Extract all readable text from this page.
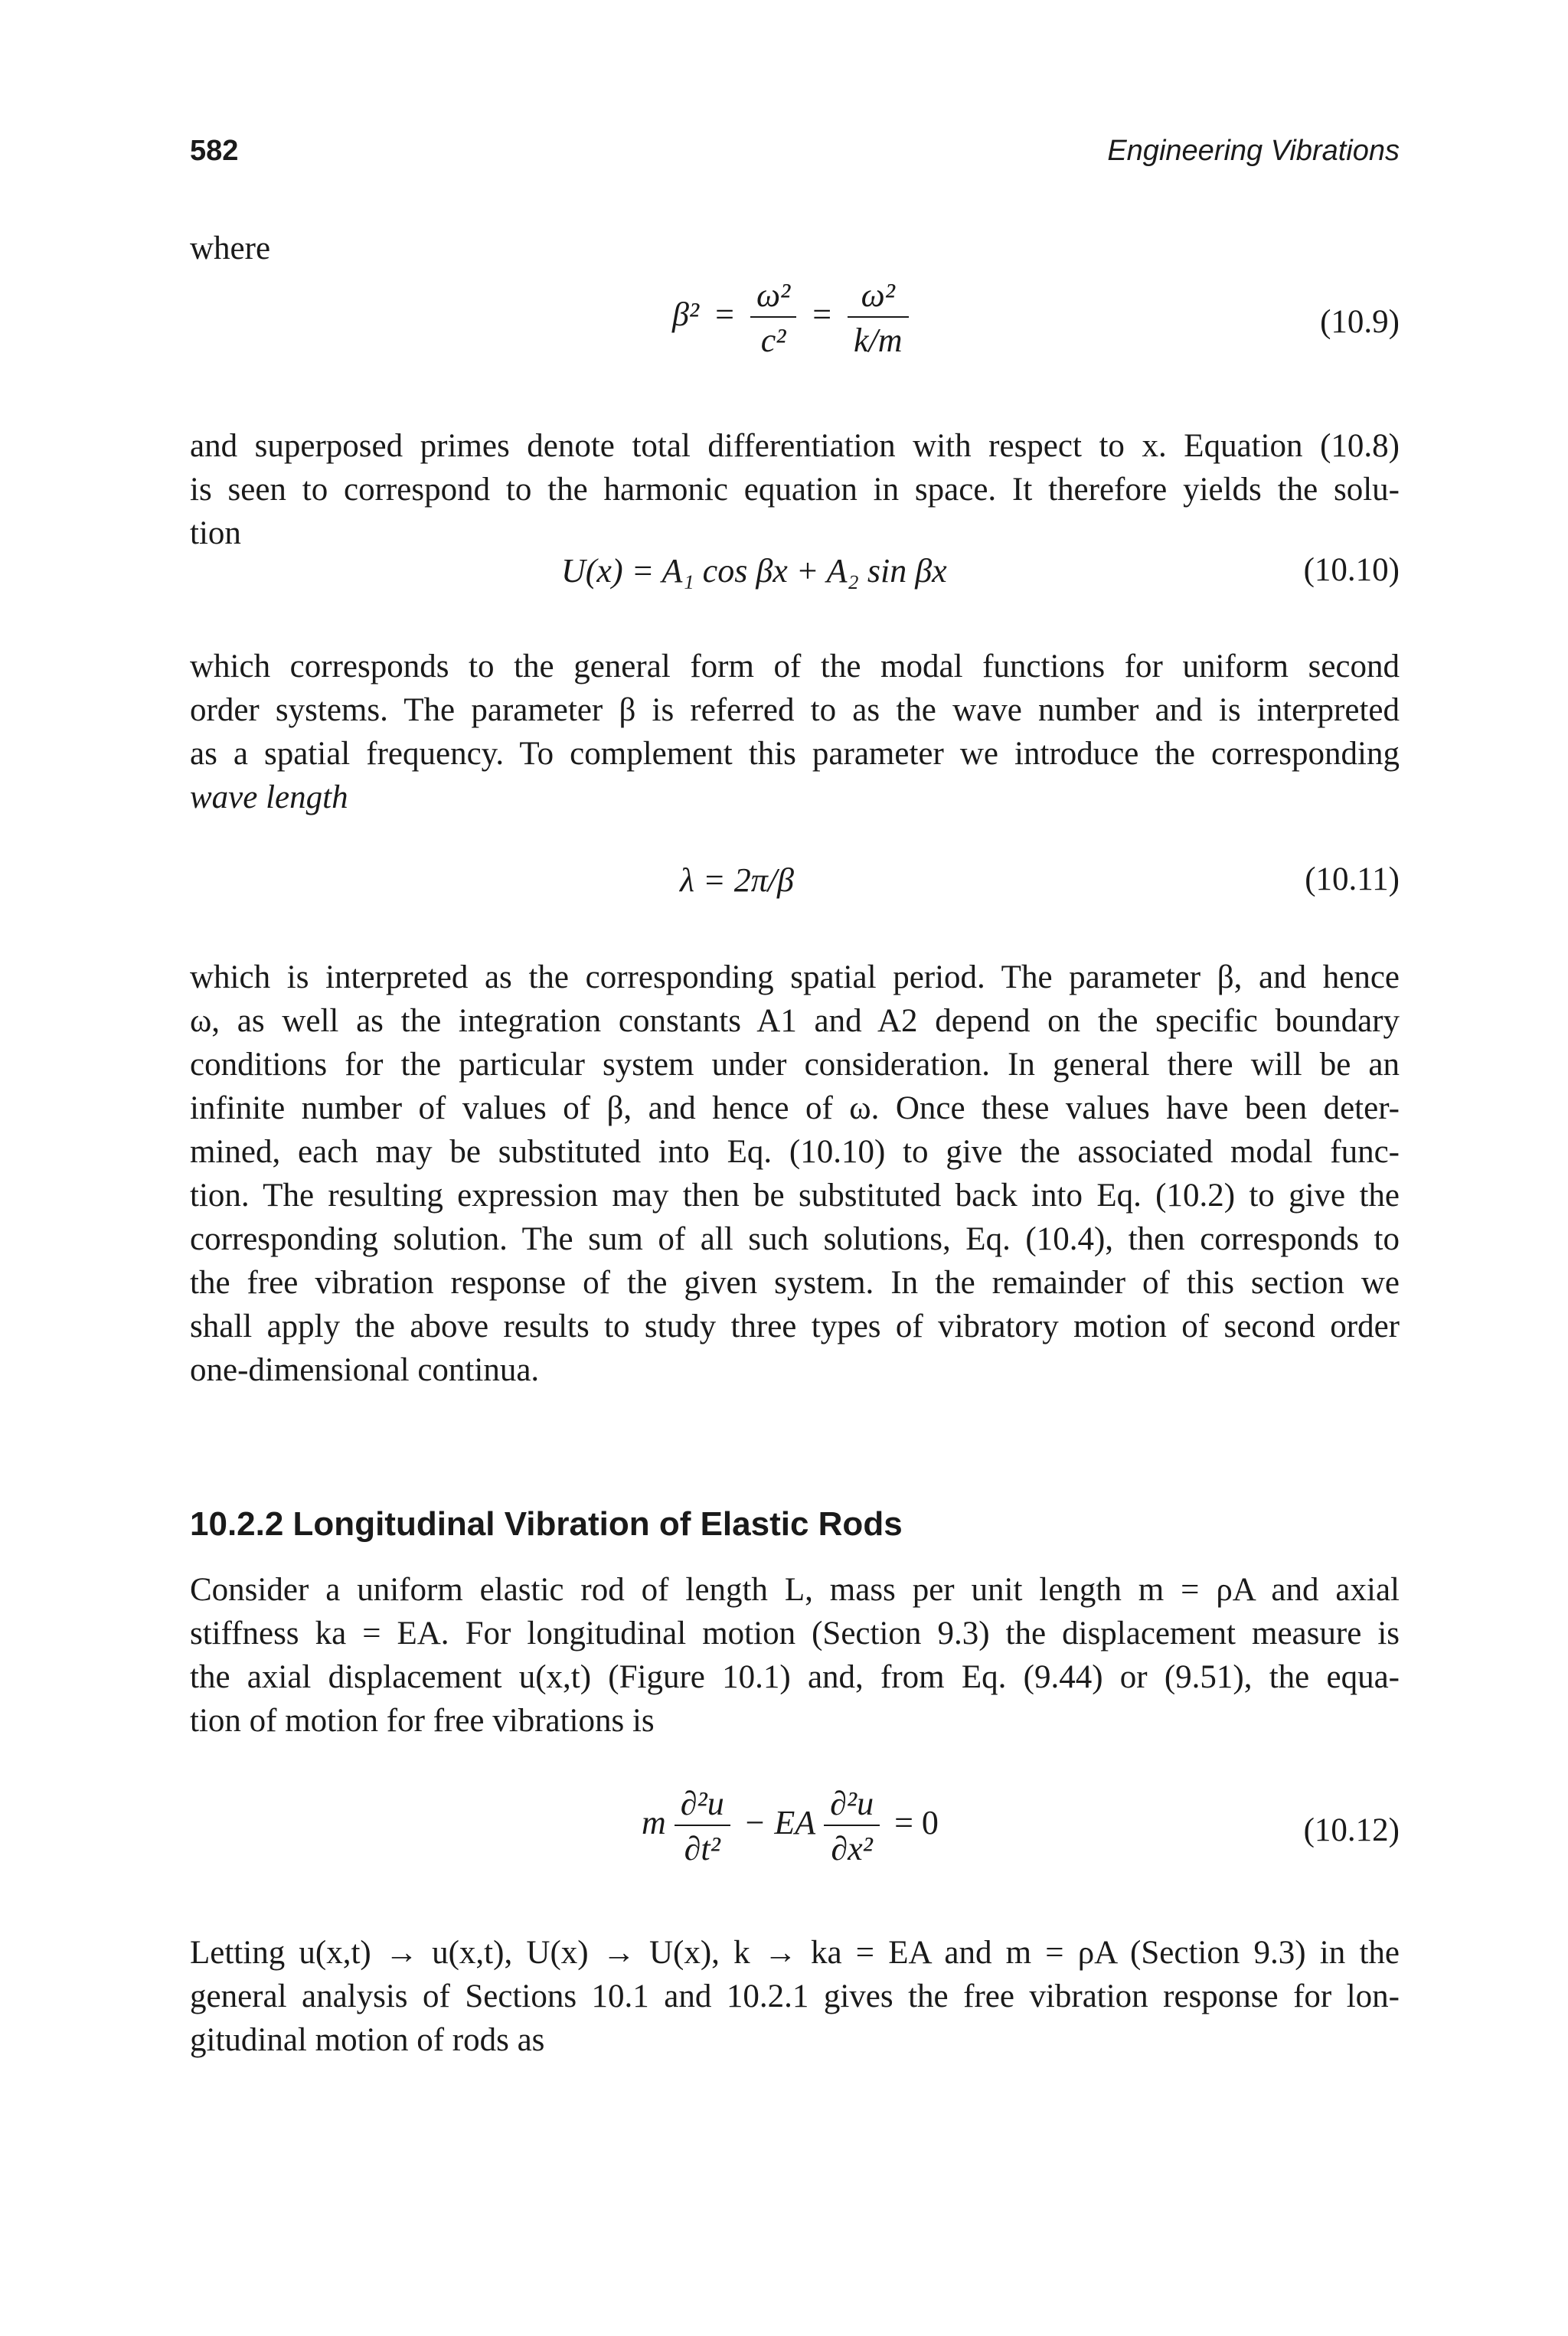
582	Engineering Vibrations
where
$\beta^2 = \frac{\text{ω²}}{\text{c²}} = \frac{\text{ω²}}{k/m}$	(10.9)
and superposed primes denote total differentiation with respect to x. Equation (10.8)
is seen to correspond to the harmonic equation in space. It therefore yields the solu-
tion
U(x) = A₁ cos βx + A₂ sin βx	(10.10)
which corresponds to the general form of the modal functions for uniform second
order systems. The parameter β is referred to as the wave number and is interpreted
as a spatial frequency. To complement this parameter we introduce the corresponding
wave length
λ = 2π/β	(10.11)
which is interpreted as the corresponding spatial period. The parameter β, and hence
ω, as well as the integration constants A1 and A2 depend on the specific boundary
conditions for the particular system under consideration. In general there will be an
infinite number of values of β, and hence of ω. Once these values have been deter-
mined, each may be substituted into Eq. (10.10) to give the associated modal func-
tion. The resulting expression may then be substituted back into Eq. (10.2) to give the
corresponding solution. The sum of all such solutions, Eq. (10.4), then corresponds to
the free vibration response of the given system. In the remainder of this section we
shall apply the above results to study three types of vibratory motion of second order
one-dimensional continua.
10.2.2 Longitudinal Vibration of Elastic Rods
Consider a uniform elastic rod of length L, mass per unit length m = ρA and axial
stiffness ka = EA. For longitudinal motion (Section 9.3) the displacement measure is
the axial displacement u(x,t) (Figure 10.1) and, from Eq. (9.44) or (9.51), the equa-
tion of motion for free vibrations is
m $\frac{\text{∂²u}}{\text{∂t²}}$ − EA $\frac{\text{∂²u}}{\text{∂x²}} = 0$	(10.12)
Letting u(x,t) → u(x,t), U(x) → U(x), k → ka = EA and m = ρA (Section 9.3) in the
general analysis of Sections 10.1 and 10.2.1 gives the free vibration response for lon-
gitudinal motion of rods as
